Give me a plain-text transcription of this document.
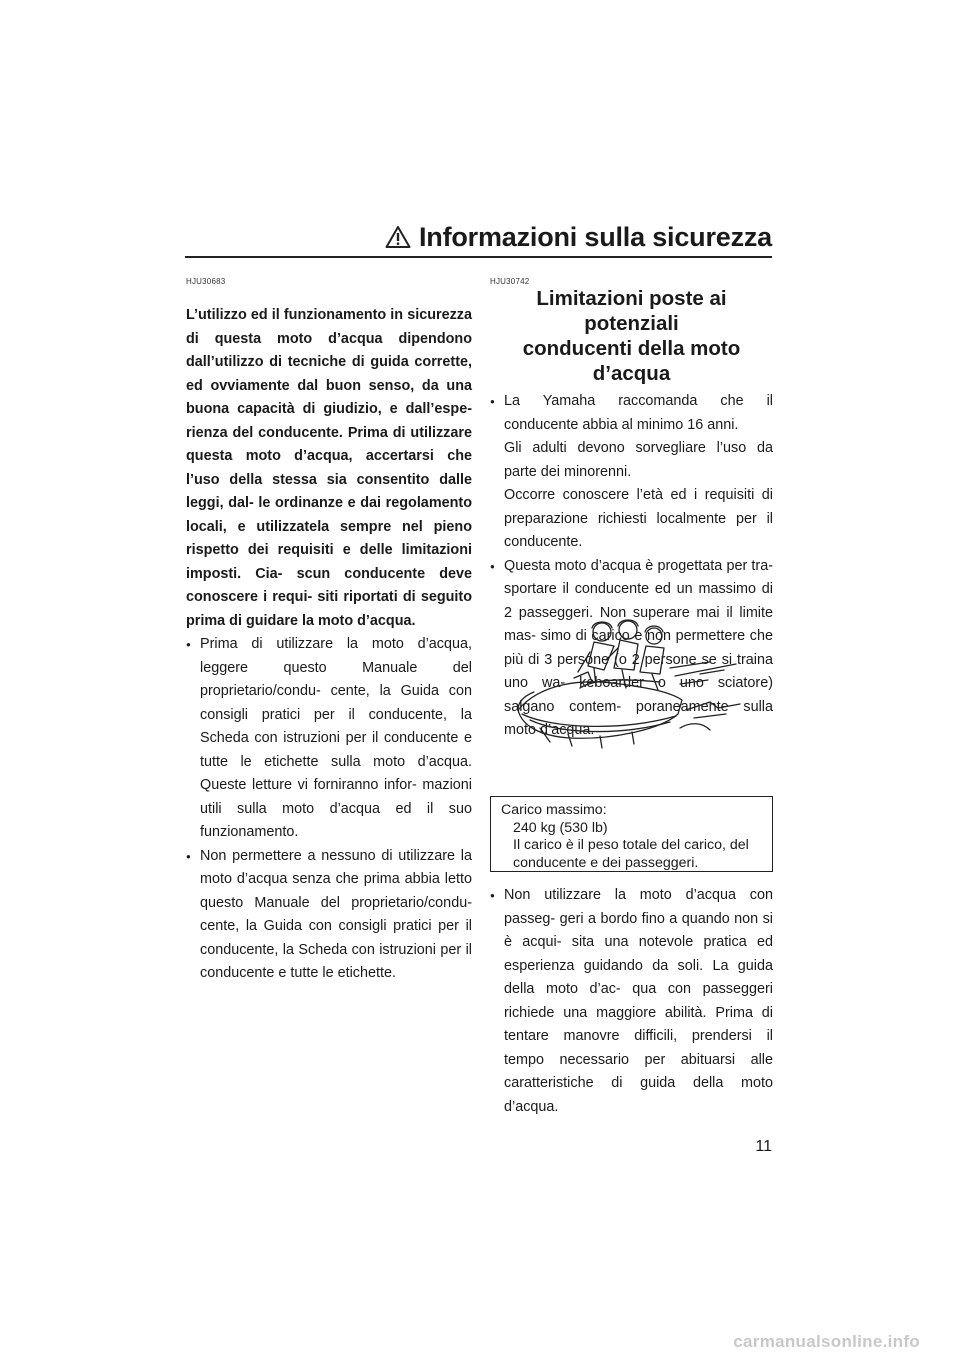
Informazioni sulla sicurezza
HJU30683

L’utilizzo ed il funzionamento in sicurezza di questa moto d’acqua dipendono dall’utilizzo di tecniche di guida corrette, ed ovviamente dal buon senso, da una buona capacità di giudizio, e dall’espe- rienza del conducente. Prima di utilizzare questa moto d’acqua, accertarsi che l’uso della stessa sia consentito dalle leggi, dal- le ordinanze e dai regolamento locali, e utilizzatela sempre nel pieno rispetto dei requisiti e delle limitazioni imposti. Cia- scun conducente deve conoscere i requi- siti riportati di seguito prima di guidare la moto d’acqua.

● Prima di utilizzare la moto d’acqua, leggere questo Manuale del proprietario/condu- cente, la Guida con consigli pratici per il conducente, la Scheda con istruzioni per il conducente e tutte le etichette sulla moto d’acqua. Queste letture vi forniranno infor- mazioni utili sulla moto d’acqua ed il suo funzionamento.
● Non permettere a nessuno di utilizzare la moto d’acqua senza che prima abbia letto questo Manuale del proprietario/condu- cente, la Guida con consigli pratici per il conducente, la Scheda con istruzioni per il conducente e tutte le etichette.
HJU30742
Limitazioni poste ai potenziali
conducenti della moto d’acqua

● La Yamaha raccomanda che il conducente abbia al minimo 16 anni.

Gli adulti devono sorvegliare l’uso da parte dei minorenni.

Occorre conoscere l’età ed i requisiti di preparazione richiesti localmente per il conducente.

● Questa moto d’acqua è progettata per tra- sportare il conducente ed un massimo di 2 passeggeri. Non superare mai il limite mas- simo di carico e non permettere che più di 3 persone (o 2 persone se si traina uno wa- keboarder o uno sciatore) salgano contem- poraneamente sulla moto d’acqua.

Carico massimo:

240 kg (530 lb)

Il carico è il peso totale del carico, del conducente e dei passeggeri.

● Non utilizzare la moto d’acqua con passeg- geri a bordo fino a quando non si è acqui- sita una notevole pratica ed esperienza guidando da soli. La guida della moto d’ac- qua con passeggeri richiede una maggiore abilità. Prima di tentare manovre difficili, prendersi il tempo necessario per abituarsi alle caratteristiche di guida della moto d’acqua.
11
carmanualsonline.info
